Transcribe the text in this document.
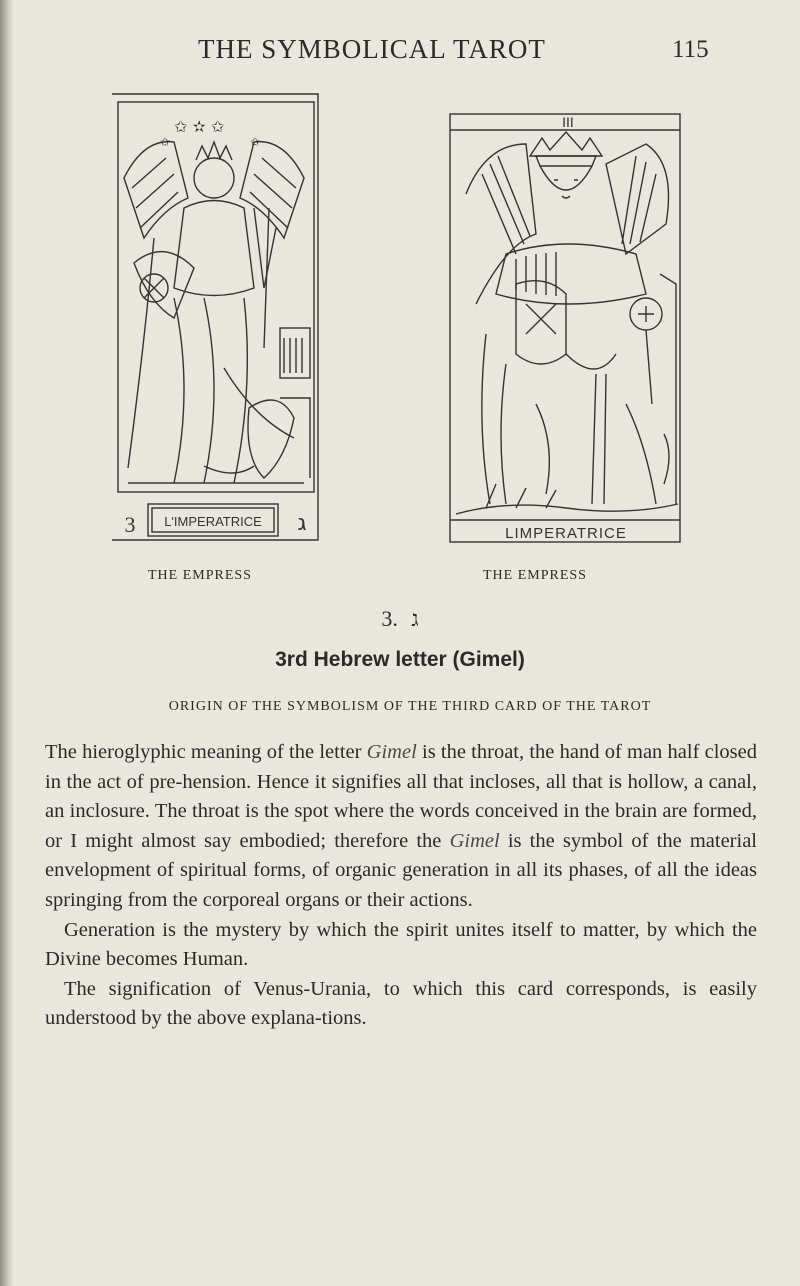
THE SYMBOLICAL TAROT	115
✩ ✫ ✩
✩	✩
L'IMPERATRICE
3	ג
III
LIMPERATRICE
THE EMPRESS	THE EMPRESS
3. ג
3rd Hebrew letter (Gimel)
ORIGIN OF THE SYMBOLISM OF THE THIRD CARD OF THE TAROT

The hieroglyphic meaning of the letter Gimel is the throat, the hand of man half closed in the act of pre-hension. Hence it signifies all that incloses, all that is hollow, a canal, an inclosure. The throat is the spot where the words conceived in the brain are formed, or I might almost say embodied; therefore the Gimel is the symbol of the material envelopment of spiritual forms, of organic generation in all its phases, of all the ideas springing from the corporeal organs or their actions.

Generation is the mystery by which the spirit unites itself to matter, by which the Divine becomes Human.

The signification of Venus-Urania, to which this card corresponds, is easily understood by the above explana-tions.
